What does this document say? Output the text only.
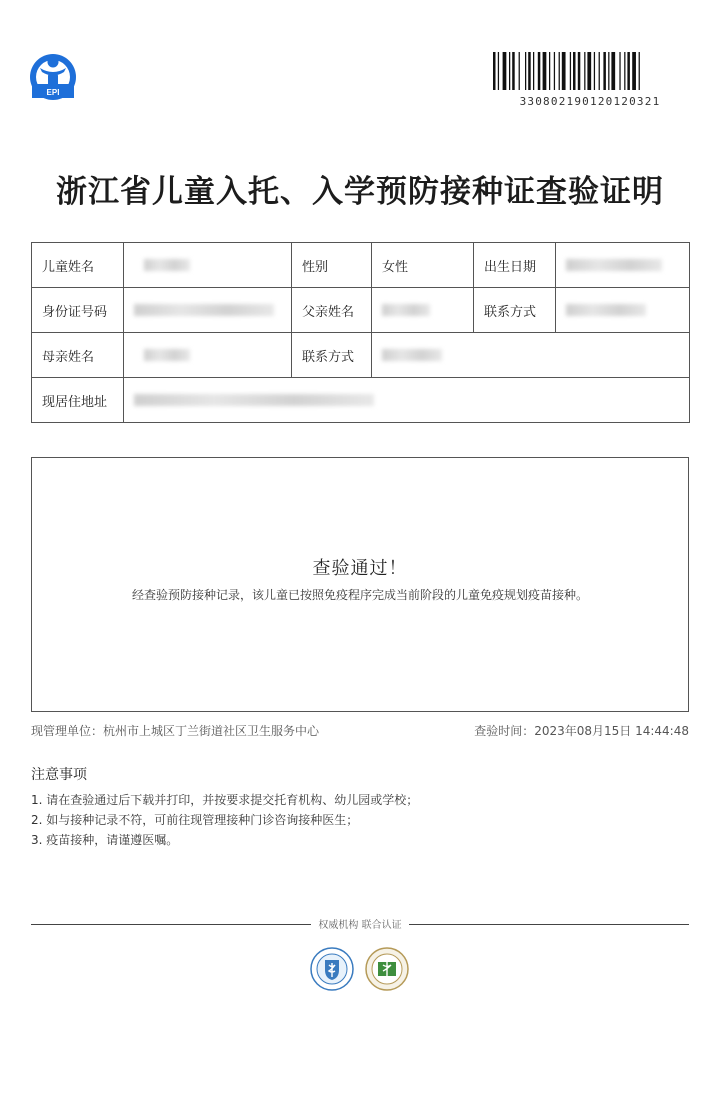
EPI
330802190120120321
浙江省儿童入托、入学预防接种证查验证明
儿童姓名		性别	女性	出生日期	
身份证号码		父亲姓名		联系方式	
母亲姓名		联系方式			
现居住地址					
查验通过！
经查验预防接种记录，该儿童已按照免疫程序完成当前阶段的儿童免疫规划疫苗接种。
现管理单位：杭州市上城区丁兰街道社区卫生服务中心	查验时间：2023年08月15日 14:44:48
注意事项
1. 请在查验通过后下载并打印，并按要求提交托育机构、幼儿园或学校；
2. 如与接种记录不符，可前往现管理接种门诊咨询接种医生；
3. 疫苗接种，请谨遵医嘱。
权威机构 联合认证
